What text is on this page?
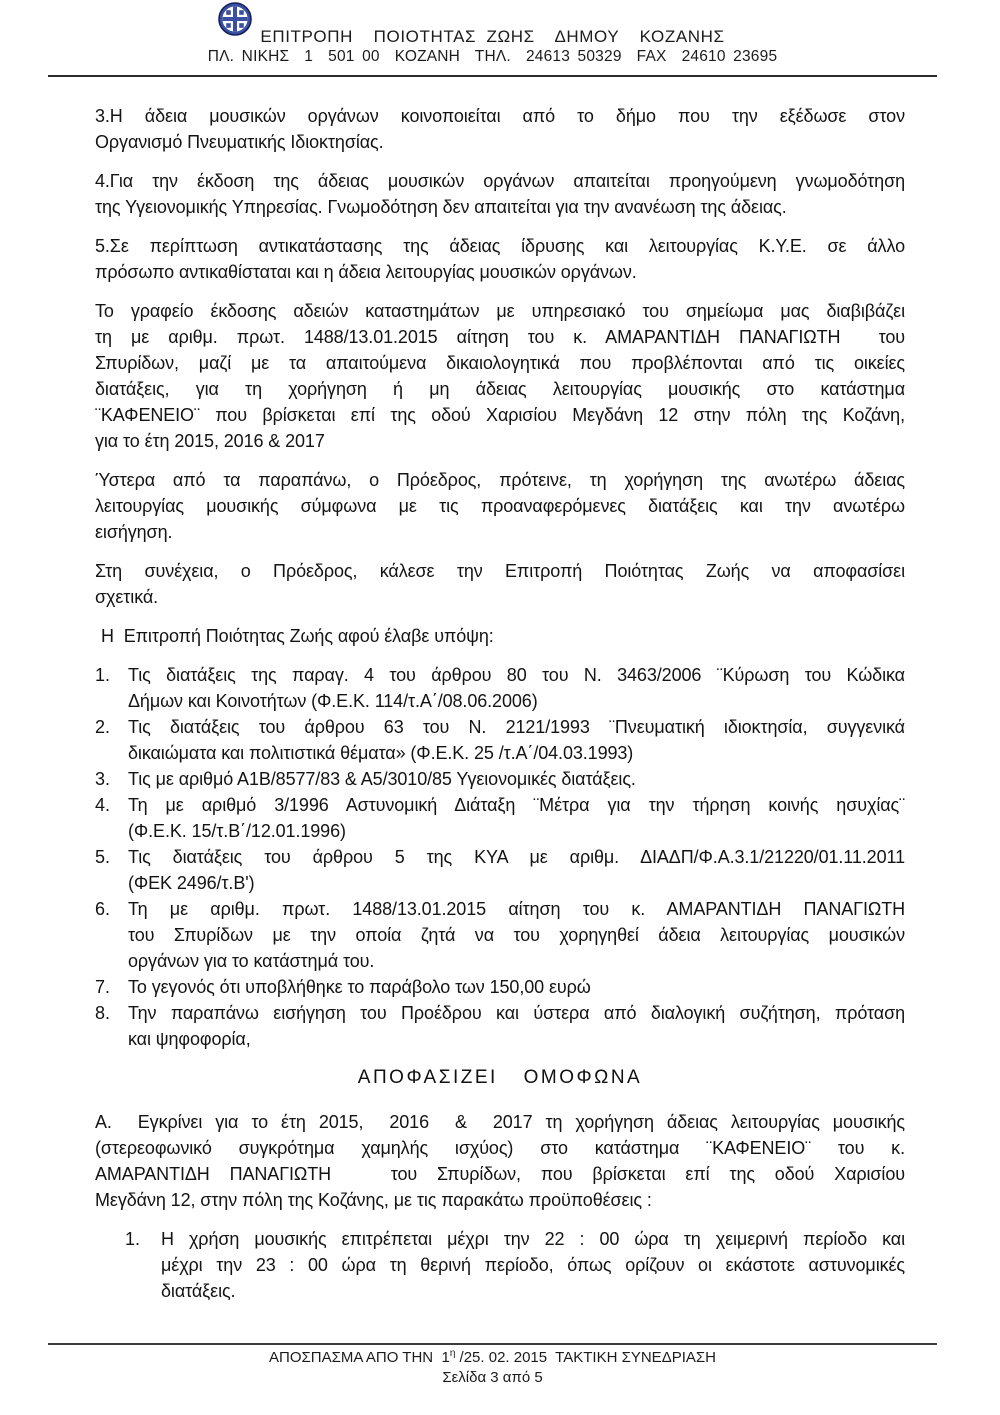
ΕΠΙΤΡΟΠΗ  ΠΟΙΟΤΗΤΑΣ ΖΩΗΣ  ΔΗΜΟΥ  ΚΟΖΑΝΗΣ
ΠΛ. ΝΙΚΗΣ  1  501 00  ΚΟΖΑΝΗ  ΤΗΛ.  24613 50329  FAX  24610 23695
3.Η  άδεια  μουσικών  οργάνων  κοινοποιείται  από  το  δήμο  που  την  εξέδωσε  στον
Οργανισμό Πνευματικής Ιδιοκτησίας.
4.Για την έκδοση της άδειας μουσικών οργάνων απαιτείται προηγούμενη γνωμοδότηση
της Υγειονομικής Υπηρεσίας. Γνωμοδότηση δεν απαιτείται για την ανανέωση της άδειας.
5.Σε περίπτωση αντικατάστασης της άδειας ίδρυσης και λειτουργίας Κ.Υ.Ε. σε άλλο
πρόσωπο αντικαθίσταται και η άδεια λειτουργίας μουσικών οργάνων.
Το γραφείο έκδοσης αδειών καταστημάτων με υπηρεσιακό του σημείωμα μας διαβιβάζει
τη με αριθμ. πρωτ. 1488/13.01.2015 αίτηση του κ. ΑΜΑΡΑΝΤΙΔΗ ΠΑΝΑΓΙΩΤΗ  του
Σπυρίδων, μαζί με τα απαιτούμενα δικαιολογητικά που προβλέπονται από τις οικείες
διατάξεις, για τη χορήγηση ή μη άδειας λειτουργίας μουσικής στο κατάστημα
¨ΚΑΦΕΝΕΙΟ¨ που βρίσκεται επί της οδού Χαρισίου Μεγδάνη 12 στην πόλη της Κοζάνη,
για το έτη 2015, 2016 & 2017
Ύστερα από τα παραπάνω, ο Πρόεδρος, πρότεινε, τη χορήγηση της ανωτέρω άδειας
λειτουργίας μουσικής σύμφωνα με τις προαναφερόμενες διατάξεις και την ανωτέρω
εισήγηση.
Στη συνέχεια, ο Πρόεδρος, κάλεσε την Επιτροπή Ποιότητας Ζωής να αποφασίσει
σχετικά.
Η  Επιτροπή Ποιότητας Ζωής αφού έλαβε υπόψη:
1. Τις διατάξεις της παραγ. 4 του άρθρου 80 του Ν. 3463/2006 ¨Κύρωση του Κώδικα
Δήμων και Κοινοτήτων (Φ.Ε.Κ. 114/τ.Α΄/08.06.2006)
2. Τις διατάξεις του άρθρου 63 του Ν. 2121/1993 ¨Πνευματική ιδιοκτησία, συγγενικά
δικαιώματα και πολιτιστικά θέματα» (Φ.Ε.Κ. 25 /τ.Α΄/04.03.1993)
3. Τις με αριθμό Α1Β/8577/83 & Α5/3010/85 Υγειονομικές διατάξεις.
4. Τη με αριθμό 3/1996 Αστυνομική Διάταξη ¨Μέτρα για την τήρηση κοινής ησυχίας¨
(Φ.Ε.Κ. 15/τ.Β΄/12.01.1996)
5. Τις διατάξεις του άρθρου 5 της ΚΥΑ με αριθμ. ΔΙΑΔΠ/Φ.Α.3.1/21220/01.11.2011
(ΦΕΚ 2496/τ.Β')
6. Τη με αριθμ. πρωτ. 1488/13.01.2015 αίτηση του κ. ΑΜΑΡΑΝΤΙΔΗ ΠΑΝΑΓΙΩΤΗ
του Σπυρίδων με την οποία ζητά να του χορηγηθεί άδεια λειτουργίας μουσικών
οργάνων για το κατάστημά του.
7. Το γεγονός ότι υποβλήθηκε το παράβολο των 150,00 ευρώ
8. Την παραπάνω εισήγηση του Προέδρου και ύστερα από διαλογική συζήτηση, πρόταση
και ψηφοφορία,
ΑΠΟΦΑΣΙΖΕΙ ΟΜΟΦΩΝΑ
Α.  Εγκρίνει για το έτη 2015,  2016  &  2017 τη χορήγηση άδειας λειτουργίας μουσικής
(στερεοφωνικό  συγκρότημα  χαμηλής  ισχύος)  στο  κατάστημα  ¨ΚΑΦΕΝΕΙΟ¨  του  κ.
ΑΜΑΡΑΝΤΙΔΗ ΠΑΝΑΓΙΩΤΗ   του Σπυρίδων, που βρίσκεται επί της οδού Χαρισίου
Μεγδάνη 12, στην πόλη της Κοζάνης, με τις παρακάτω προϋποθέσεις :
1.	Η χρήση μουσικής επιτρέπεται μέχρι την 22 : 00 ώρα τη χειμερινή περίοδο και
μέχρι την 23 : 00 ώρα τη θερινή περίοδο, όπως ορίζουν οι εκάστοτε αστυνομικές
διατάξεις.
ΑΠΟΣΠΑΣΜΑ ΑΠΟ ΤΗΝ  $1^\eta$ /25. 02. 2015  ΤΑΚΤΙΚΗ ΣΥΝΕΔΡΙΑΣΗ
Σελίδα 3 από 5
